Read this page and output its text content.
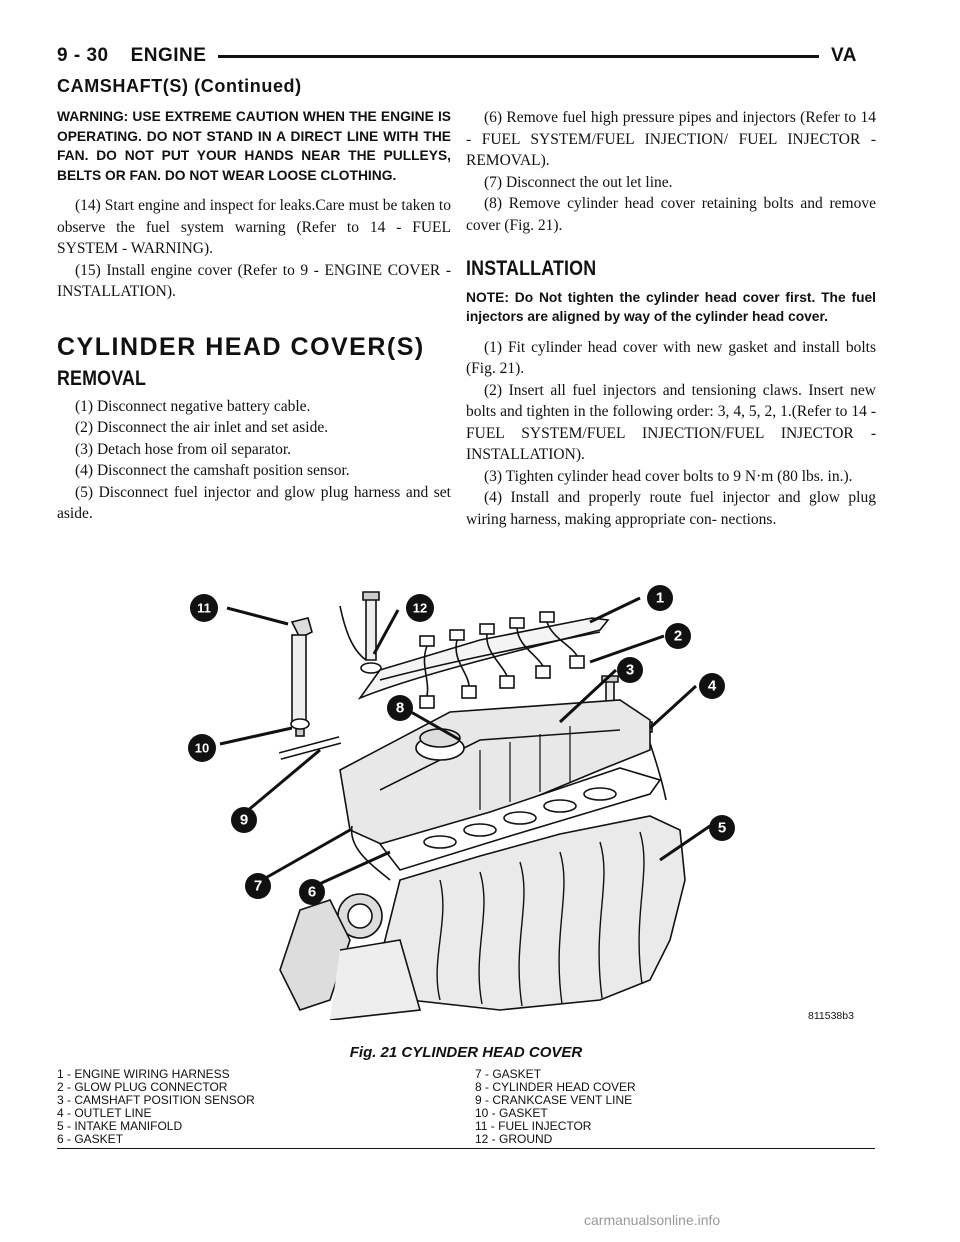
9 - 30 ENGINE	VA
CAMSHAFT(S) (Continued)

WARNING: USE EXTREME CAUTION WHEN THE ENGINE IS OPERATING. DO NOT STAND IN A DIRECT LINE WITH THE FAN. DO NOT PUT YOUR HANDS NEAR THE PULLEYS, BELTS OR FAN. DO NOT WEAR LOOSE CLOTHING.

(14) Start engine and inspect for leaks.Care must be taken to observe the fuel system warning (Refer to 14 - FUEL SYSTEM - WARNING).

(15) Install engine cover (Refer to 9 - ENGINE COVER - INSTALLATION).

CYLINDER HEAD COVER(S)

REMOVAL

(1) Disconnect negative battery cable.

(2) Disconnect the air inlet and set aside.

(3) Detach hose from oil separator.

(4) Disconnect the camshaft position sensor.

(5) Disconnect fuel injector and glow plug harness and set aside.

(6) Remove fuel high pressure pipes and injectors (Refer to 14 - FUEL SYSTEM/FUEL INJECTION/ FUEL INJECTOR - REMOVAL).

(7) Disconnect the out let line.

(8) Remove cylinder head cover retaining bolts and remove cover (Fig. 21).

INSTALLATION

NOTE: Do Not tighten the cylinder head cover first. The fuel injectors are aligned by way of the cylinder head cover.

(1) Fit cylinder head cover with new gasket and install bolts (Fig. 21).

(2) Insert all fuel injectors and tensioning claws. Insert new bolts and tighten in the following order: 3, 4, 5, 2, 1.(Refer to 14 - FUEL SYSTEM/FUEL INJECTION/FUEL INJECTOR - INSTALLATION).

(3) Tighten cylinder head cover bolts to 9 N·m (80 lbs. in.).

(4) Install and properly route fuel injector and glow plug wiring harness, making appropriate con- nections.

1
2
3
4
5
6
7
8
9
10
11	12
811538b3
Fig. 21 CYLINDER HEAD COVER
1 - ENGINE WIRING HARNESS	7 - GASKET
2 - GLOW PLUG CONNECTOR	8 - CYLINDER HEAD COVER
3 - CAMSHAFT POSITION SENSOR	9 - CRANKCASE VENT LINE
4 - OUTLET LINE	10 - GASKET
5 - INTAKE MANIFOLD	11 - FUEL INJECTOR
6 - GASKET	12 - GROUND
carmanualsonline.info
